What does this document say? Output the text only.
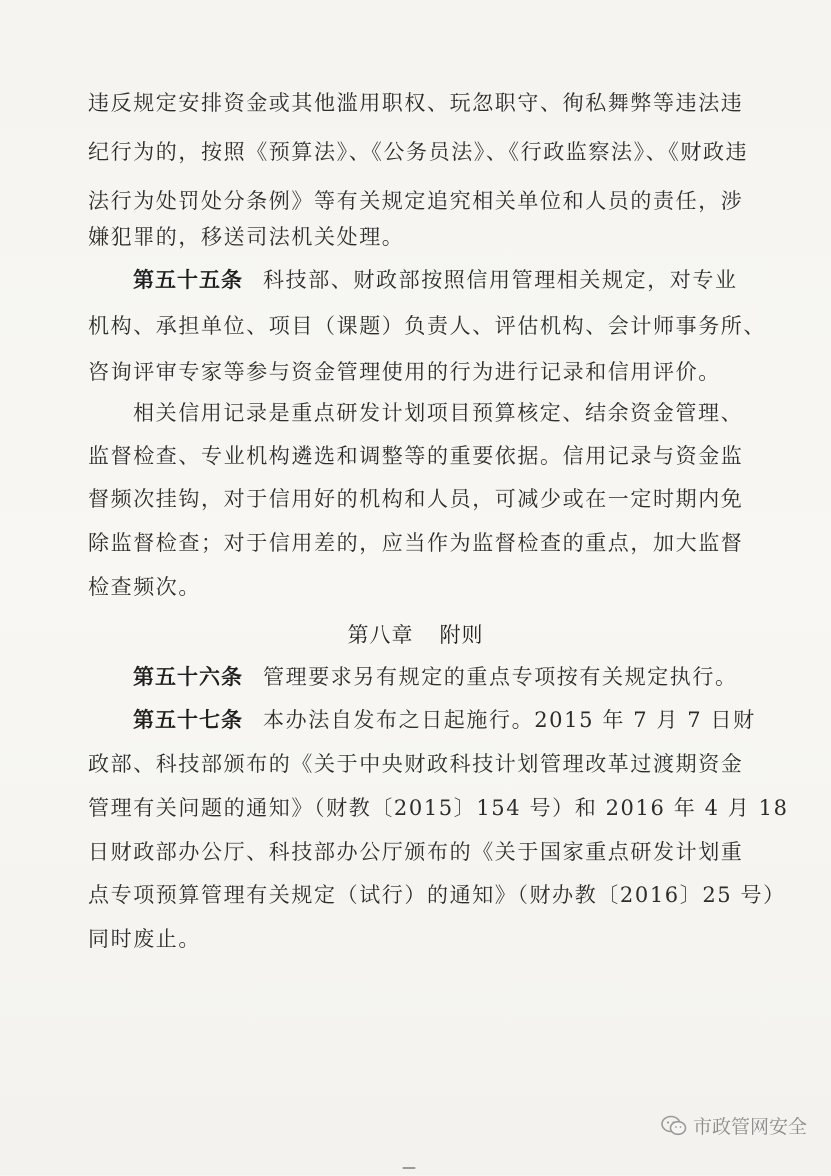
违反规定安排资金或其他滥用职权、玩忽职守、徇私舞弊等违法违
纪行为的，按照《预算法》、《公务员法》、《行政监察法》、《财政违
法行为处罚处分条例》等有关规定追究相关单位和人员的责任，涉
嫌犯罪的，移送司法机关处理。
第五十五条 科技部、财政部按照信用管理相关规定，对专业
机构、承担单位、项目（课题）负责人、评估机构、会计师事务所、
咨询评审专家等参与资金管理使用的行为进行记录和信用评价。
相关信用记录是重点研发计划项目预算核定、结余资金管理、
监督检查、专业机构遴选和调整等的重要依据。信用记录与资金监
督频次挂钩，对于信用好的机构和人员，可减少或在一定时期内免
除监督检查；对于信用差的，应当作为监督检查的重点，加大监督
检查频次。
第八章 附则
第五十六条 管理要求另有规定的重点专项按有关规定执行。
第五十七条 本办法自发布之日起施行。2015 年 7 月 7 日财
政部、科技部颁布的《关于中央财政科技计划管理改革过渡期资金
管理有关问题的通知》（财教〔2015〕154 号）和 2016 年 4 月 18
日财政部办公厅、科技部办公厅颁布的《关于国家重点研发计划重
点专项预算管理有关规定（试行）的通知》（财办教〔2016〕25 号）
同时废止。
市政管网安全
—
